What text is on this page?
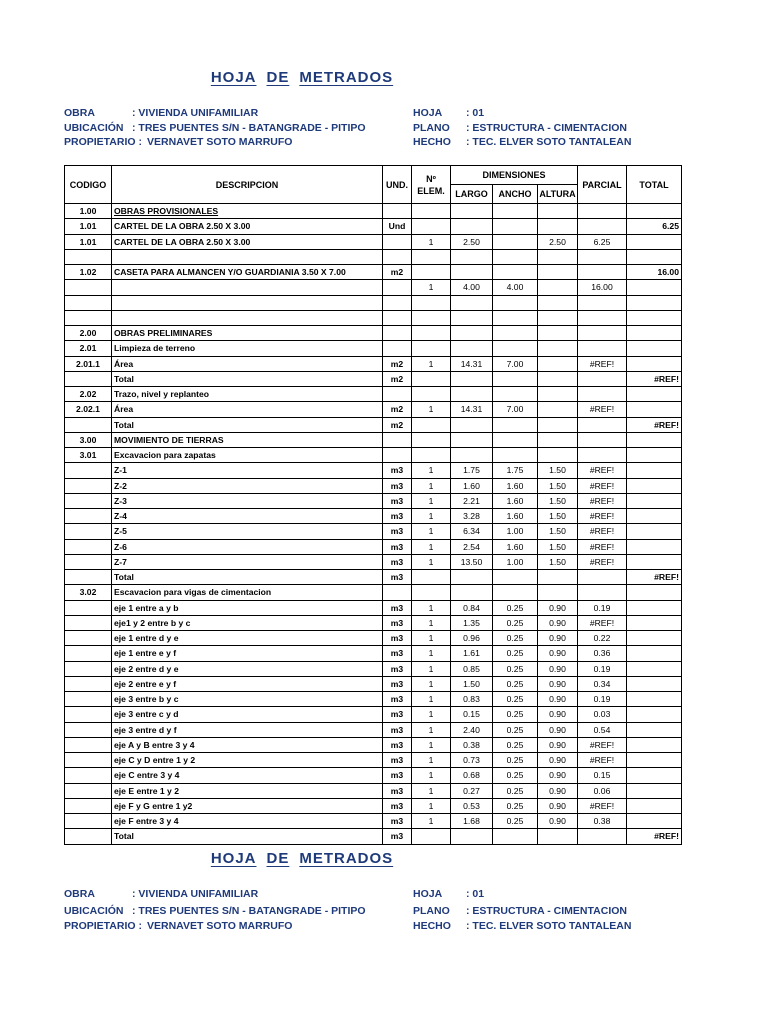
HOJA DE METRADOS
OBRA	: VIVIENDA UNIFAMILIAR
UBICACIÓN : TRES PUENTES S/N - BATANGRADE - PITIPO
PROPIETARIO : VERNAVET SOTO MARRUFO
HOJA : 01
PLANO : ESTRUCTURA - CIMENTACION
HECHO : TEC. ELVER SOTO TANTALEAN
CODIGO	DESCRIPCION	UND.	Nº
ELEM.	DIMENSIONES			PARCIAL	TOTAL
				LARGO	ANCHO	ALTURA		
1.00	OBRAS PROVISIONALES							
1.01	CARTEL DE LA OBRA 2.50 X 3.00	Und						6.25
1.01	CARTEL DE LA OBRA 2.50 X 3.00		1	2.50		2.50	6.25	

1.02	CASETA PARA ALMANCEN Y/O GUARDIANIA 3.50 X 7.00	m2						16.00
			1	4.00	4.00		16.00	

2.00	OBRAS PRELIMINARES							
2.01	Limpieza de terreno							
2.01.1	Área	m2	1	14.31	7.00		#REF!	
	Total	m2						#REF!
2.02	Trazo, nivel y replanteo							
2.02.1	Área	m2	1	14.31	7.00		#REF!	
	Total	m2						#REF!
3.00	MOVIMIENTO DE TIERRAS							
3.01	Excavacion para zapatas							
	Z-1	m3	1	1.75	1.75	1.50	#REF!	
	Z-2	m3	1	1.60	1.60	1.50	#REF!	
	Z-3	m3	1	2.21	1.60	1.50	#REF!	
	Z-4	m3	1	3.28	1.60	1.50	#REF!	
	Z-5	m3	1	6.34	1.00	1.50	#REF!	
	Z-6	m3	1	2.54	1.60	1.50	#REF!	
	Z-7	m3	1	13.50	1.00	1.50	#REF!	
	Total	m3						#REF!
3.02	Escavacion para vigas de cimentacion							
	eje 1 entre a y b	m3	1	0.84	0.25	0.90	0.19	
	eje1 y 2 entre b y c	m3	1	1.35	0.25	0.90	#REF!	
	eje 1 entre d y e	m3	1	0.96	0.25	0.90	0.22	
	eje 1 entre e y f	m3	1	1.61	0.25	0.90	0.36	
	eje 2 entre d y e	m3	1	0.85	0.25	0.90	0.19	
	eje 2 entre e y f	m3	1	1.50	0.25	0.90	0.34	
	eje 3 entre b y c	m3	1	0.83	0.25	0.90	0.19	
	eje 3 entre c y d	m3	1	0.15	0.25	0.90	0.03	
	eje 3 entre d y f	m3	1	2.40	0.25	0.90	0.54	
	eje A y B entre 3 y 4	m3	1	0.38	0.25	0.90	#REF!	
	eje C y D entre 1 y 2	m3	1	0.73	0.25	0.90	#REF!	
	eje C entre 3 y 4	m3	1	0.68	0.25	0.90	0.15	
	eje E entre 1 y 2	m3	1	0.27	0.25	0.90	0.06	
	eje F y G entre 1 y2	m3	1	0.53	0.25	0.90	#REF!	
	eje F entre 3 y 4	m3	1	1.68	0.25	0.90	0.38	
	Total	m3						#REF!
HOJA DE METRADOS
OBRA	: VIVIENDA UNIFAMILIAR
UBICACIÓN : TRES PUENTES S/N - BATANGRADE - PITIPO
PROPIETARIO : VERNAVET SOTO MARRUFO
HOJA : 01
PLANO : ESTRUCTURA - CIMENTACION
HECHO : TEC. ELVER SOTO TANTALEAN
